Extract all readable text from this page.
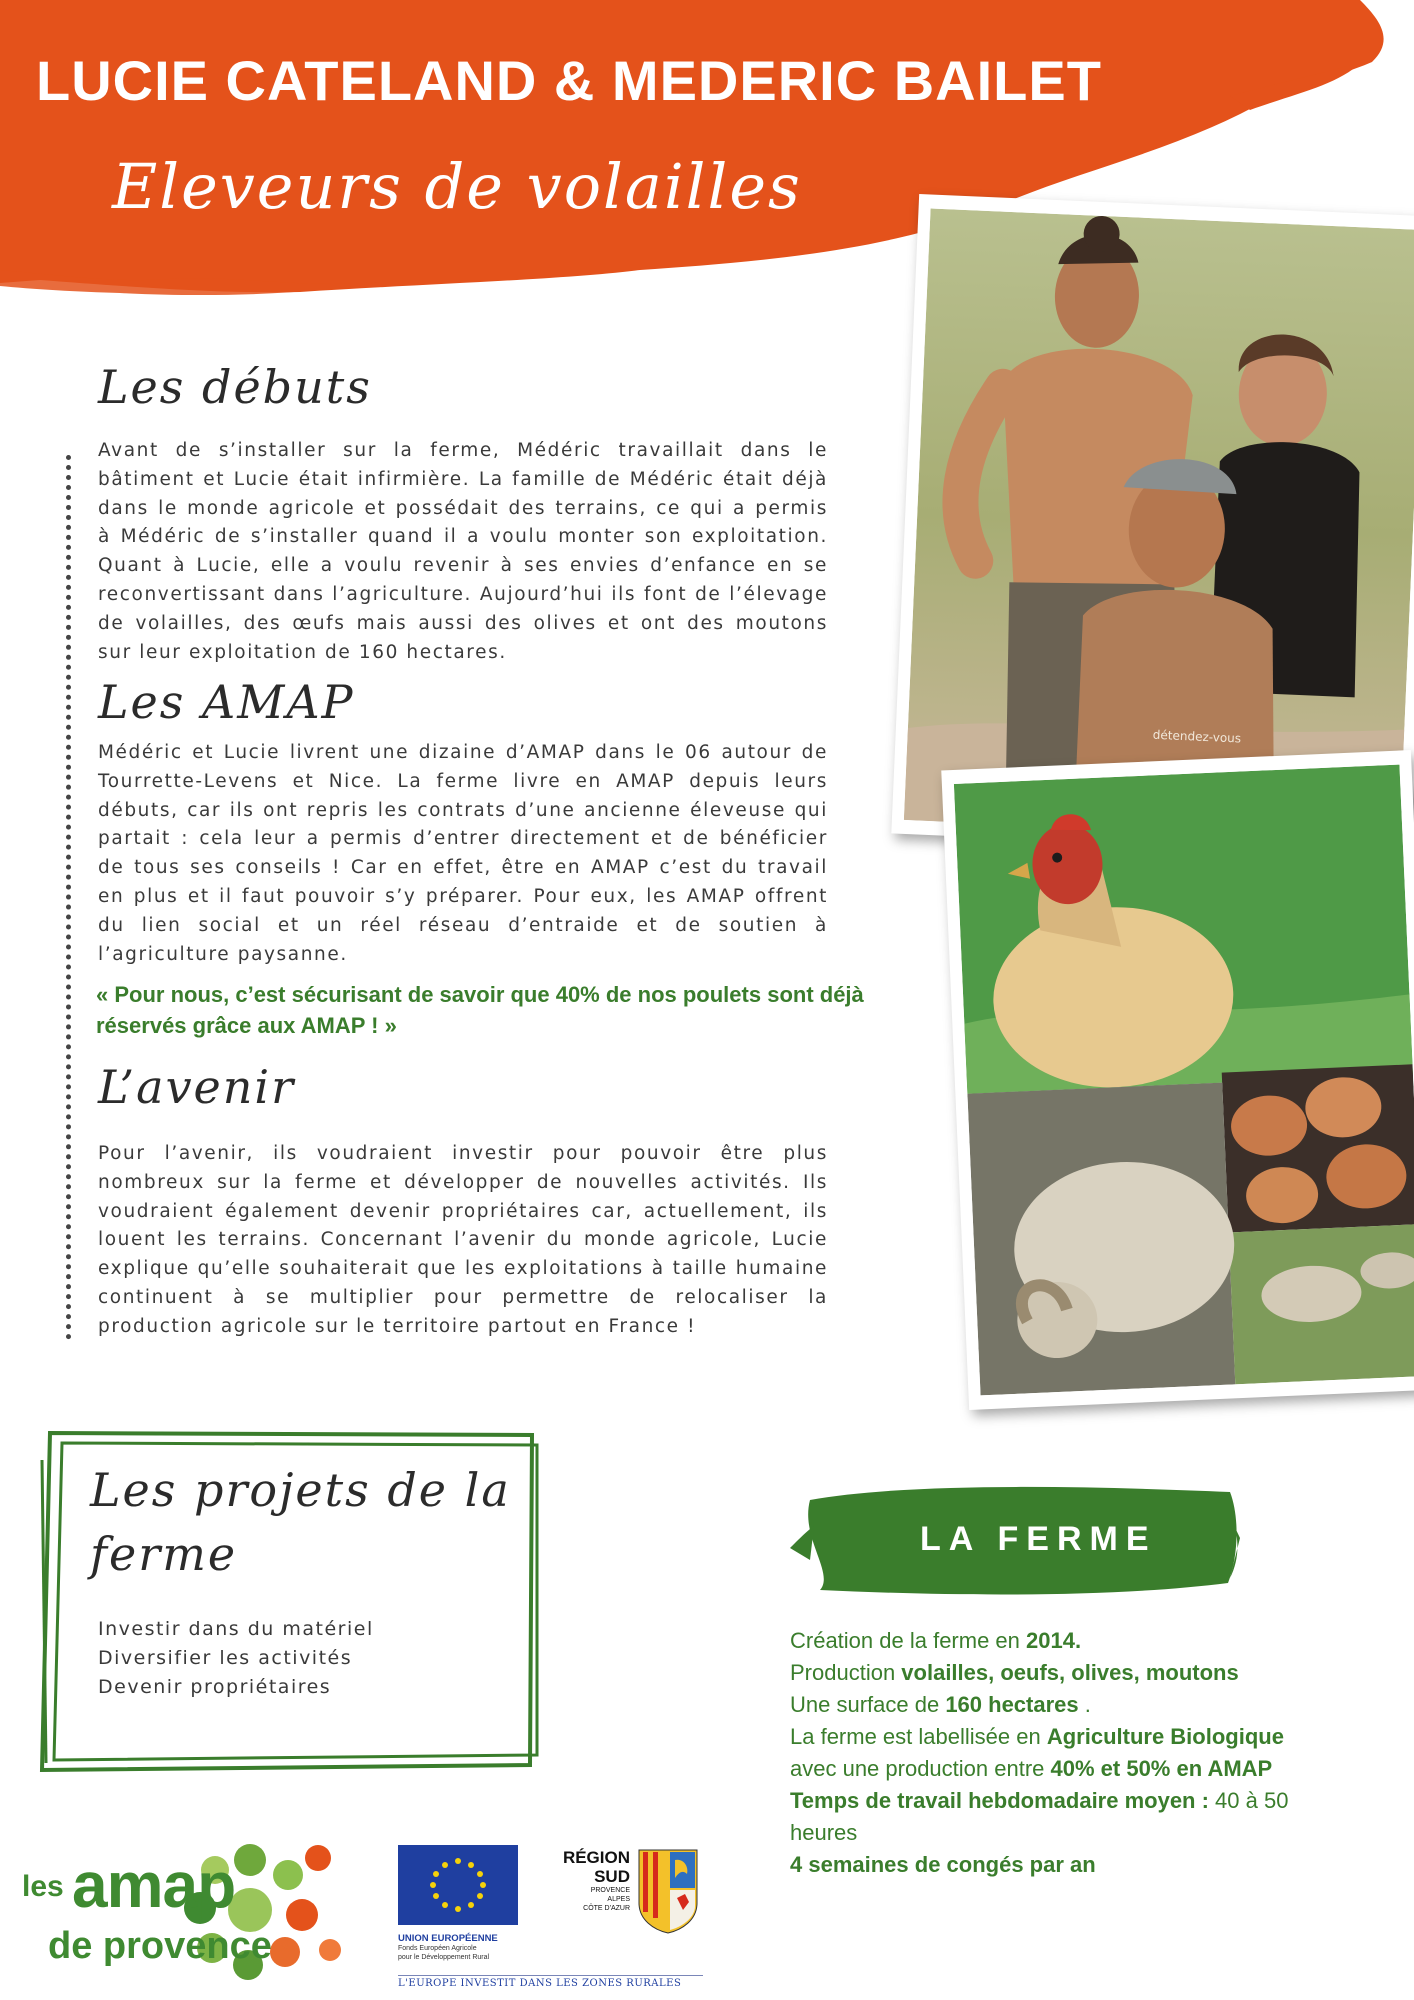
LUCIE CATELAND & MEDERIC BAILET
Eleveurs de volailles
Les débuts
Avant de s’installer sur la ferme, Médéric travaillait dans le bâtiment et Lucie était infirmière. La famille de Médéric était déjà dans le monde agricole et possédait des terrains, ce qui a permis à Médéric de s’installer quand il a voulu monter son exploitation. Quant à Lucie, elle a voulu revenir à ses envies d’enfance en se reconvertissant dans l’agriculture. Aujourd’hui ils font de l’élevage de volailles, des œufs mais aussi des olives et ont des moutons sur leur exploitation de 160 hectares.
Les AMAP
Médéric et Lucie livrent une dizaine d’AMAP dans le 06 autour de Tourrette-Levens et Nice. La ferme livre en AMAP depuis leurs débuts, car ils ont repris les contrats d’une ancienne éleveuse qui partait : cela leur a permis d’entrer directement et de bénéficier de tous ses conseils ! Car en effet, être en AMAP c’est du travail en plus et il faut pouvoir s’y préparer. Pour eux, les AMAP offrent du lien social et un réel réseau d’entraide et de soutien à l’agriculture paysanne.
« Pour nous, c’est sécurisant de savoir que 40% de nos poulets sont déjà réservés grâce aux AMAP ! »
L’avenir
Pour l’avenir, ils voudraient investir pour pouvoir être plus nombreux sur la ferme et développer de nouvelles activités. Ils voudraient également devenir propriétaires car, actuellement, ils louent les terrains. Concernant l’avenir du monde agricole, Lucie explique qu’elle souhaiterait que les exploitations à taille humaine continuent à se multiplier pour permettre de relocaliser la production agricole sur le territoire partout en France !
détendez-vous
Les projets de la
ferme
Investir dans du matériel
Diversifier les activités
Devenir propriétaires
LA FERME
Création de la ferme en 2014.
Production volailles, oeufs, olives, moutons
Une surface de 160 hectares .
La ferme est labellisée en Agriculture Biologique
avec une production entre 40% et 50% en AMAP
Temps de travail hebdomadaire moyen : 40 à 50
heures
4 semaines de congés par an
les amap
de provence	UNION EUROPÉENNE
Fonds Européen Agricole
pour le Développement Rural
RÉGION
SUD
PROVENCE
ALPES
CÔTE D'AZUR
L'EUROPE INVESTIT DANS LES ZONES RURALES
